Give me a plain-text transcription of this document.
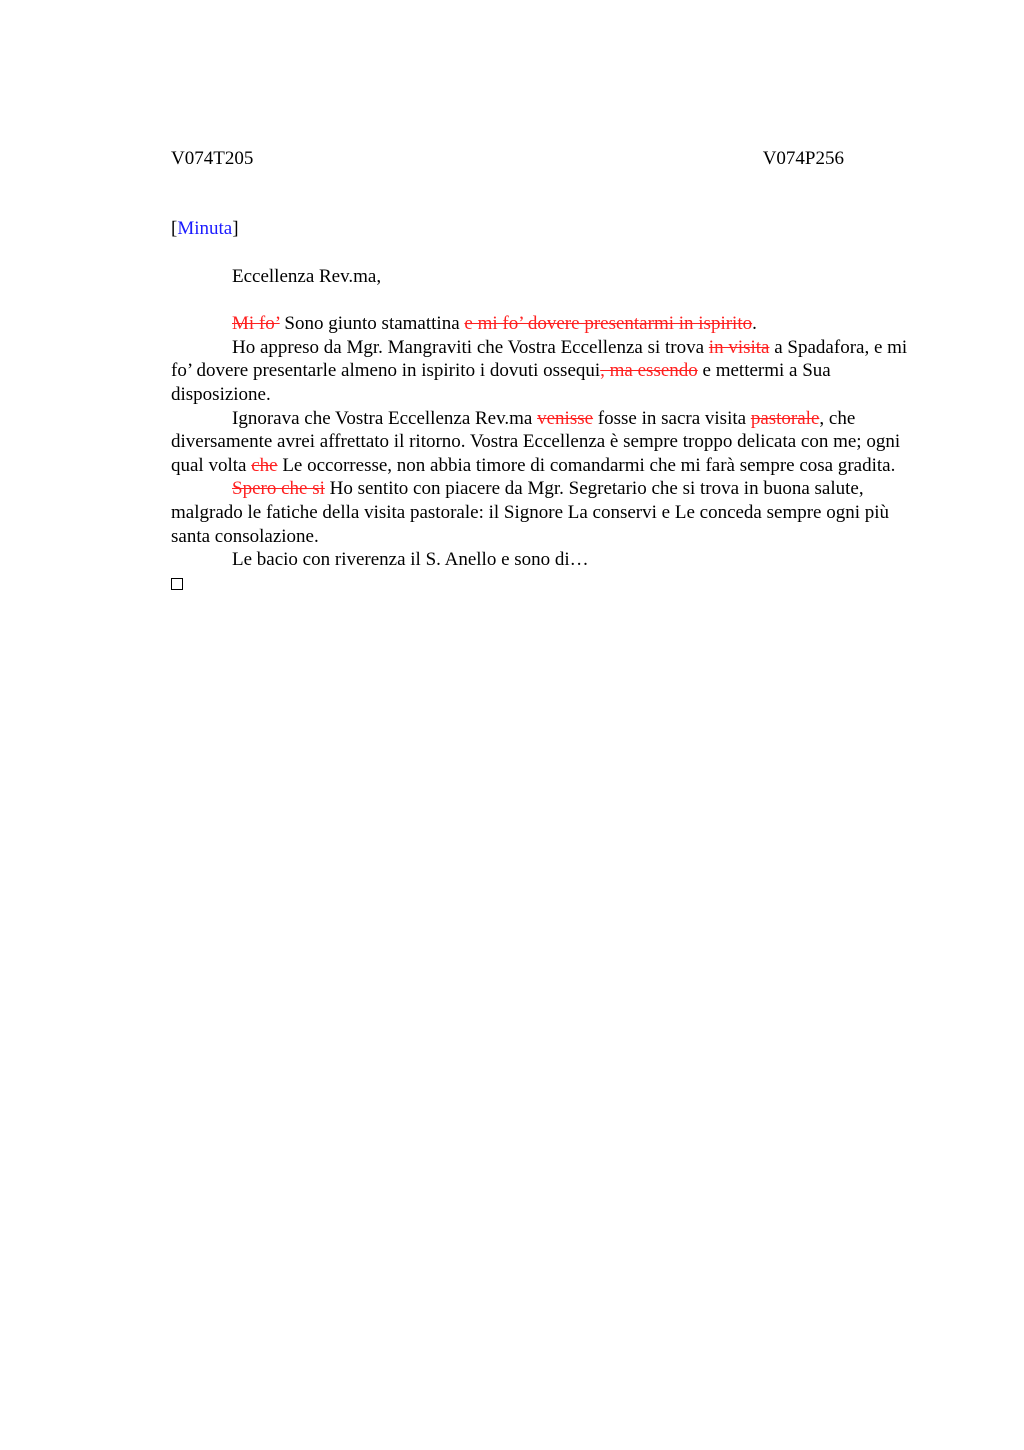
V074T205	V074P256

[Minuta]

Eccellenza Rev.ma,

Mi fo’ Sono giunto stamattina e mi fo’ dovere presentarmi in ispirito.

Ho appreso da Mgr. Mangraviti che Vostra Eccellenza si trova in visita a Spadafora, e mi fo’ dovere presentarle almeno in ispirito i dovuti ossequi, ma essendo e mettermi a Sua disposizione.

Ignorava che Vostra Eccellenza Rev.ma venisse fosse in sacra visita pastorale, che diversamente avrei affrettato il ritorno. Vostra Eccellenza è sempre troppo delicata con me; ogni qual volta che Le occorresse, non abbia timore di comandarmi che mi farà sempre cosa gradita.

Spero che si Ho sentito con piacere da Mgr. Segretario che si trova in buona salute, malgrado le fatiche della visita pastorale: il Signore La conservi e Le conceda sempre ogni più santa consolazione.

Le bacio con riverenza il S. Anello e sono di…
